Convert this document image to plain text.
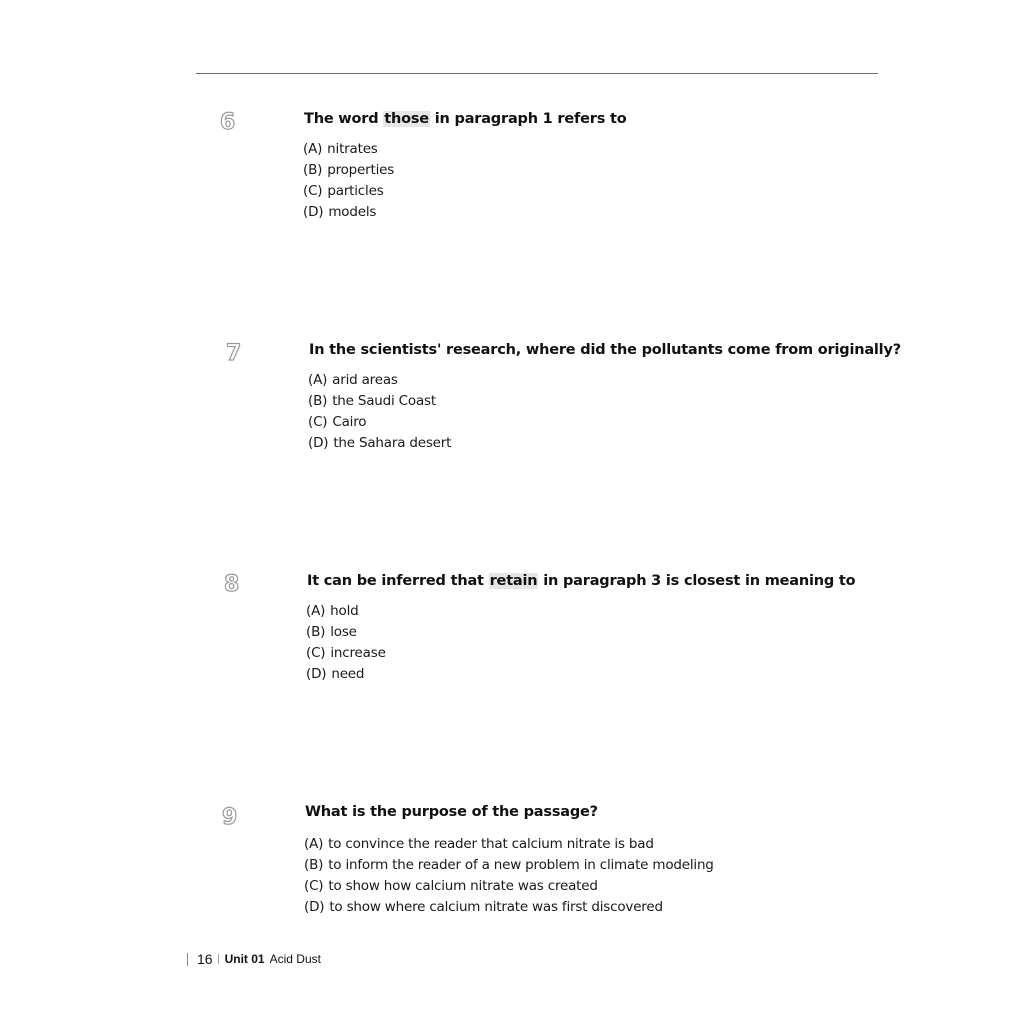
6	The word those in paragraph 1 refers to
(A) nitrates
(B) properties
(C) particles
(D) models
7	In the scientists' research, where did the pollutants come from originally?
(A) arid areas
(B) the Saudi Coast
(C) Cairo
(D) the Sahara desert
8	It can be inferred that retain in paragraph 3 is closest in meaning to
(A) hold
(B) lose
(C) increase
(D) need
9	What is the purpose of the passage?
(A) to convince the reader that calcium nitrate is bad
(B) to inform the reader of a new problem in climate modeling
(C) to show how calcium nitrate was created
(D) to show where calcium nitrate was first discovered
16 Unit 01 Acid Dust
